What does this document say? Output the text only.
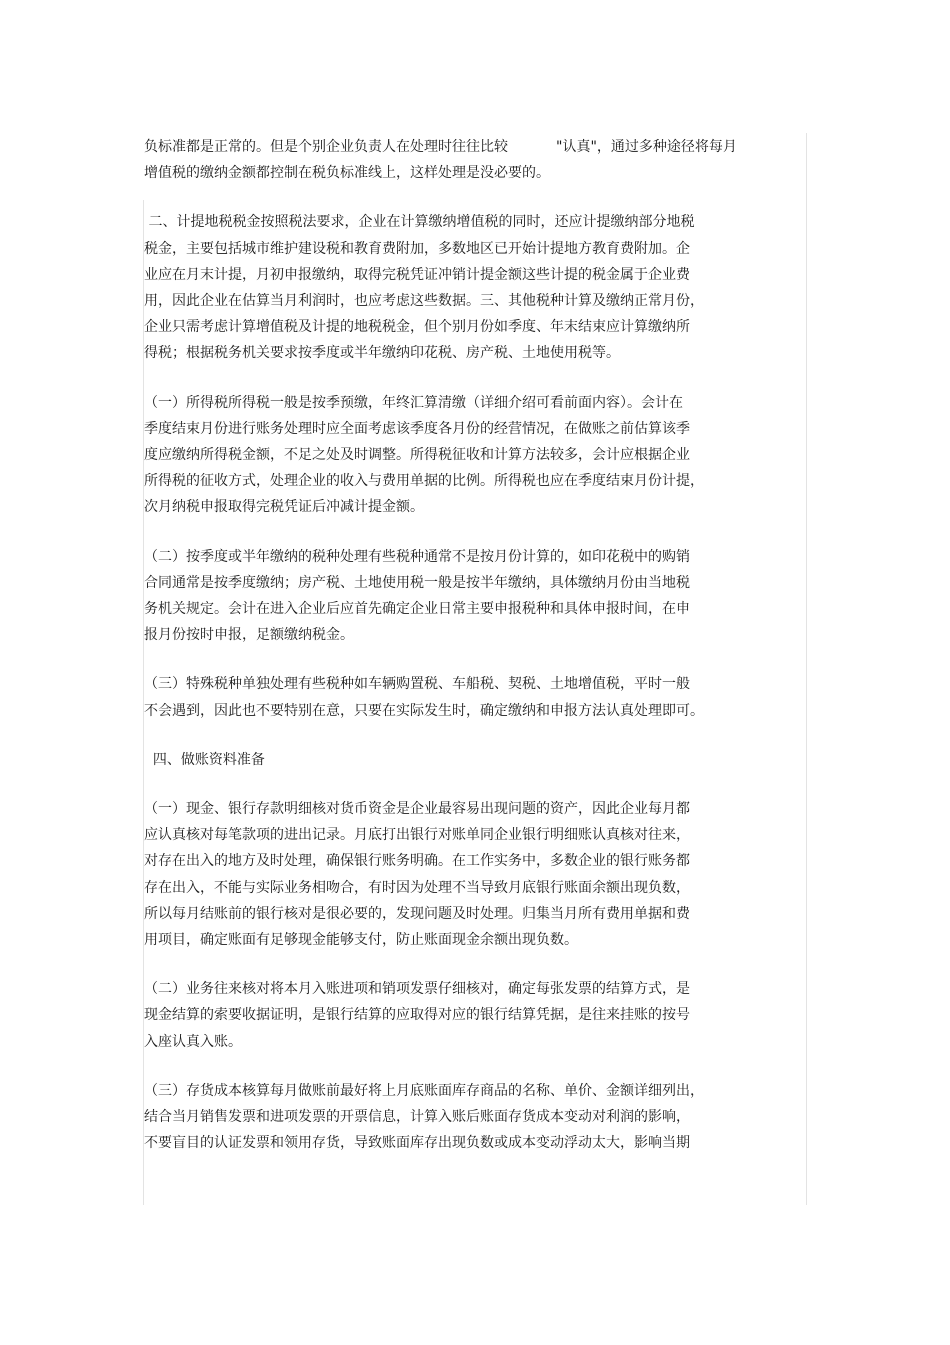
负标准都是正常的。但是个别企业负责人在处理时往往比较	"认真"，通过多种途径将每月
增值税的缴纳金额都控制在税负标准线上，这样处理是没必要的。
二、计提地税税金按照税法要求，企业在计算缴纳增值税的同时，还应计提缴纳部分地税
税金，主要包括城市维护建设税和教育费附加，多数地区已开始计提地方教育费附加。企
业应在月末计提，月初申报缴纳，取得完税凭证冲销计提金额这些计提的税金属于企业费
用，因此企业在估算当月利润时，也应考虑这些数据。三、其他税种计算及缴纳正常月份，
企业只需考虑计算增值税及计提的地税税金，但个别月份如季度、年末结束应计算缴纳所
得税；根据税务机关要求按季度或半年缴纳印花税、房产税、土地使用税等。
（一）所得税所得税一般是按季预缴，年终汇算清缴（详细介绍可看前面内容）。会计在
季度结束月份进行账务处理时应全面考虑该季度各月份的经营情况，在做账之前估算该季
度应缴纳所得税金额，不足之处及时调整。所得税征收和计算方法较多，会计应根据企业
所得税的征收方式，处理企业的收入与费用单据的比例。所得税也应在季度结束月份计提，
次月纳税申报取得完税凭证后冲减计提金额。
（二）按季度或半年缴纳的税种处理有些税种通常不是按月份计算的，如印花税中的购销
合同通常是按季度缴纳；房产税、土地使用税一般是按半年缴纳，具体缴纳月份由当地税
务机关规定。会计在进入企业后应首先确定企业日常主要申报税种和具体申报时间，在申
报月份按时申报，足额缴纳税金。
（三）特殊税种单独处理有些税种如车辆购置税、车船税、契税、土地增值税，平时一般
不会遇到，因此也不要特别在意，只要在实际发生时，确定缴纳和申报方法认真处理即可。
四、做账资料准备
（一）现金、银行存款明细核对货币资金是企业最容易出现问题的资产，因此企业每月都
应认真核对每笔款项的进出记录。月底打出银行对账单同企业银行明细账认真核对往来，
对存在出入的地方及时处理，确保银行账务明确。在工作实务中，多数企业的银行账务都
存在出入，不能与实际业务相吻合，有时因为处理不当导致月底银行账面余额出现负数，
所以每月结账前的银行核对是很必要的，发现问题及时处理。归集当月所有费用单据和费
用项目，确定账面有足够现金能够支付，防止账面现金余额出现负数。
（二）业务往来核对将本月入账进项和销项发票仔细核对，确定每张发票的结算方式，是
现金结算的索要收据证明，是银行结算的应取得对应的银行结算凭据，是往来挂账的按号
入座认真入账。
（三）存货成本核算每月做账前最好将上月底账面库存商品的名称、单价、金额详细列出，
结合当月销售发票和进项发票的开票信息，计算入账后账面存货成本变动对利润的影响，
不要盲目的认证发票和领用存货，导致账面库存出现负数或成本变动浮动太大，影响当期
